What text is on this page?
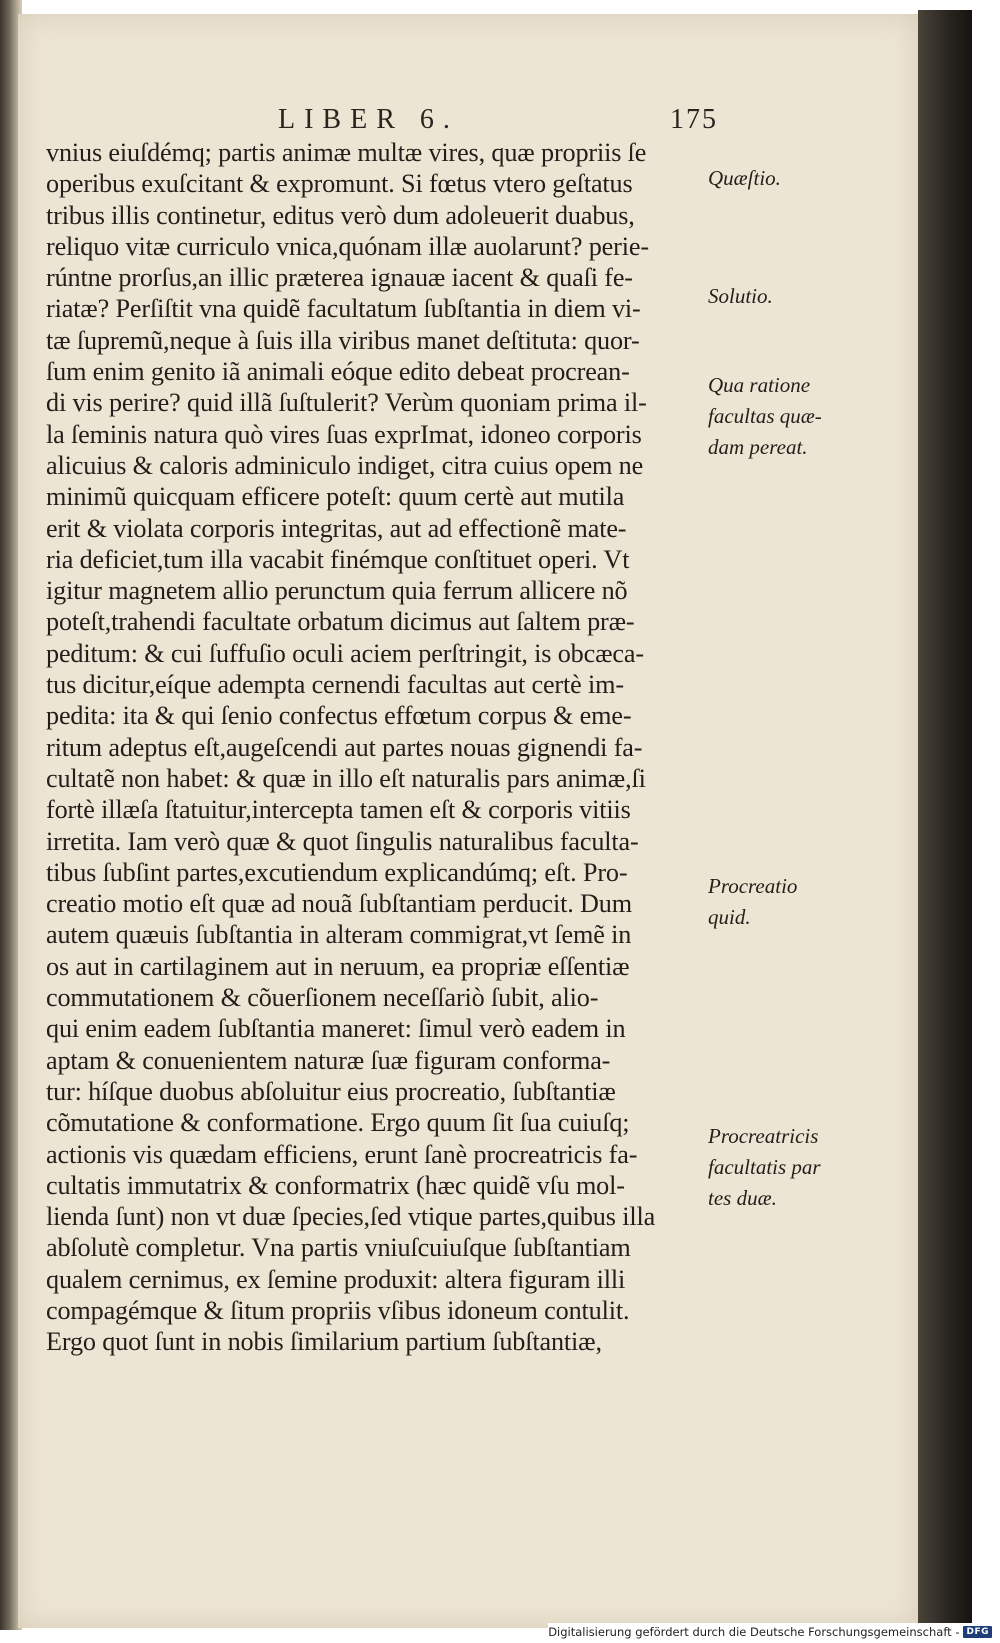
LIBER 6.	175
vnius eiuſdémq; partis animæ multæ vires, quæ propriis ſe
operibus exuſcitant & expromunt. Si fœtus vtero geſtatus
tribus illis continetur, editus verò dum adoleuerit duabus,
reliquo vitæ curriculo vnica,quónam illæ auolarunt? perie-
rúntne prorſus,an illic præterea ignauæ iacent & quaſi fe-
riatæ? Perſiſtit vna quidẽ facultatum ſubſtantia in diem vi-
tæ ſupremũ,neque à ſuis illa viribus manet deſtituta: quor-
ſum enim genito iã animali eóque edito debeat procrean-
di vis perire? quid illã ſuſtulerit? Verùm quoniam prima il-
la ſeminis natura quò vires ſuas exprImat, idoneo corporis
alicuius & caloris adminiculo indiget, citra cuius opem ne
minimũ quicquam efficere poteſt: quum certè aut mutila
erit & violata corporis integritas, aut ad effectionẽ mate-
ria deficiet,tum illa vacabit finémque conſtituet operi. Vt
igitur magnetem allio perunctum quia ferrum allicere nõ
poteſt,trahendi facultate orbatum dicimus aut ſaltem præ-
peditum: & cui ſuffuſio oculi aciem perſtringit, is obcæca-
tus dicitur,eíque adempta cernendi facultas aut certè im-
pedita: ita & qui ſenio confectus effœtum corpus & eme-
ritum adeptus eſt,augeſcendi aut partes nouas gignendi fa-
cultatẽ non habet: & quæ in illo eſt naturalis pars animæ,ſi
fortè illæſa ſtatuitur,intercepta tamen eſt & corporis vitiis
irretita. Iam verò quæ & quot ſingulis naturalibus faculta-
tibus ſubſint partes,excutiendum explicandúmq; eſt. Pro-
creatio motio eſt quæ ad nouã ſubſtantiam perducit. Dum
autem quæuis ſubſtantia in alteram commigrat,vt ſemẽ in
os aut in cartilaginem aut in neruum, ea propriæ eſſentiæ
commutationem & cõuerſionem neceſſariò ſubit, alio-
qui enim eadem ſubſtantia maneret: ſimul verò eadem in
aptam & conuenientem naturæ ſuæ figuram conforma-
tur: híſque duobus abſoluitur eius procreatio, ſubſtantiæ
cõmutatione & conformatione. Ergo quum ſit ſua cuiuſq;
actionis vis quædam efficiens, erunt ſanè procreatricis fa-
cultatis immutatrix & conformatrix (hæc quidẽ vſu mol-
lienda ſunt) non vt duæ ſpecies,ſed vtique partes,quibus illa
abſolutè completur. Vna partis vniuſcuiuſque ſubſtantiam
qualem cernimus, ex ſemine produxit: altera figuram illi
compagémque & ſitum propriis vſibus idoneum contulit.
Ergo quot ſunt in nobis ſimilarium partium ſubſtantiæ,
Quæſtio.
Solutio.
Qua ratione
facultas quæ-
dam pereat.
Procreatio
quid.
Procreatricis
facultatis par
tes duæ.
Digitalisierung gefördert durch die Deutsche Forschungsgemeinschaft - DFG
